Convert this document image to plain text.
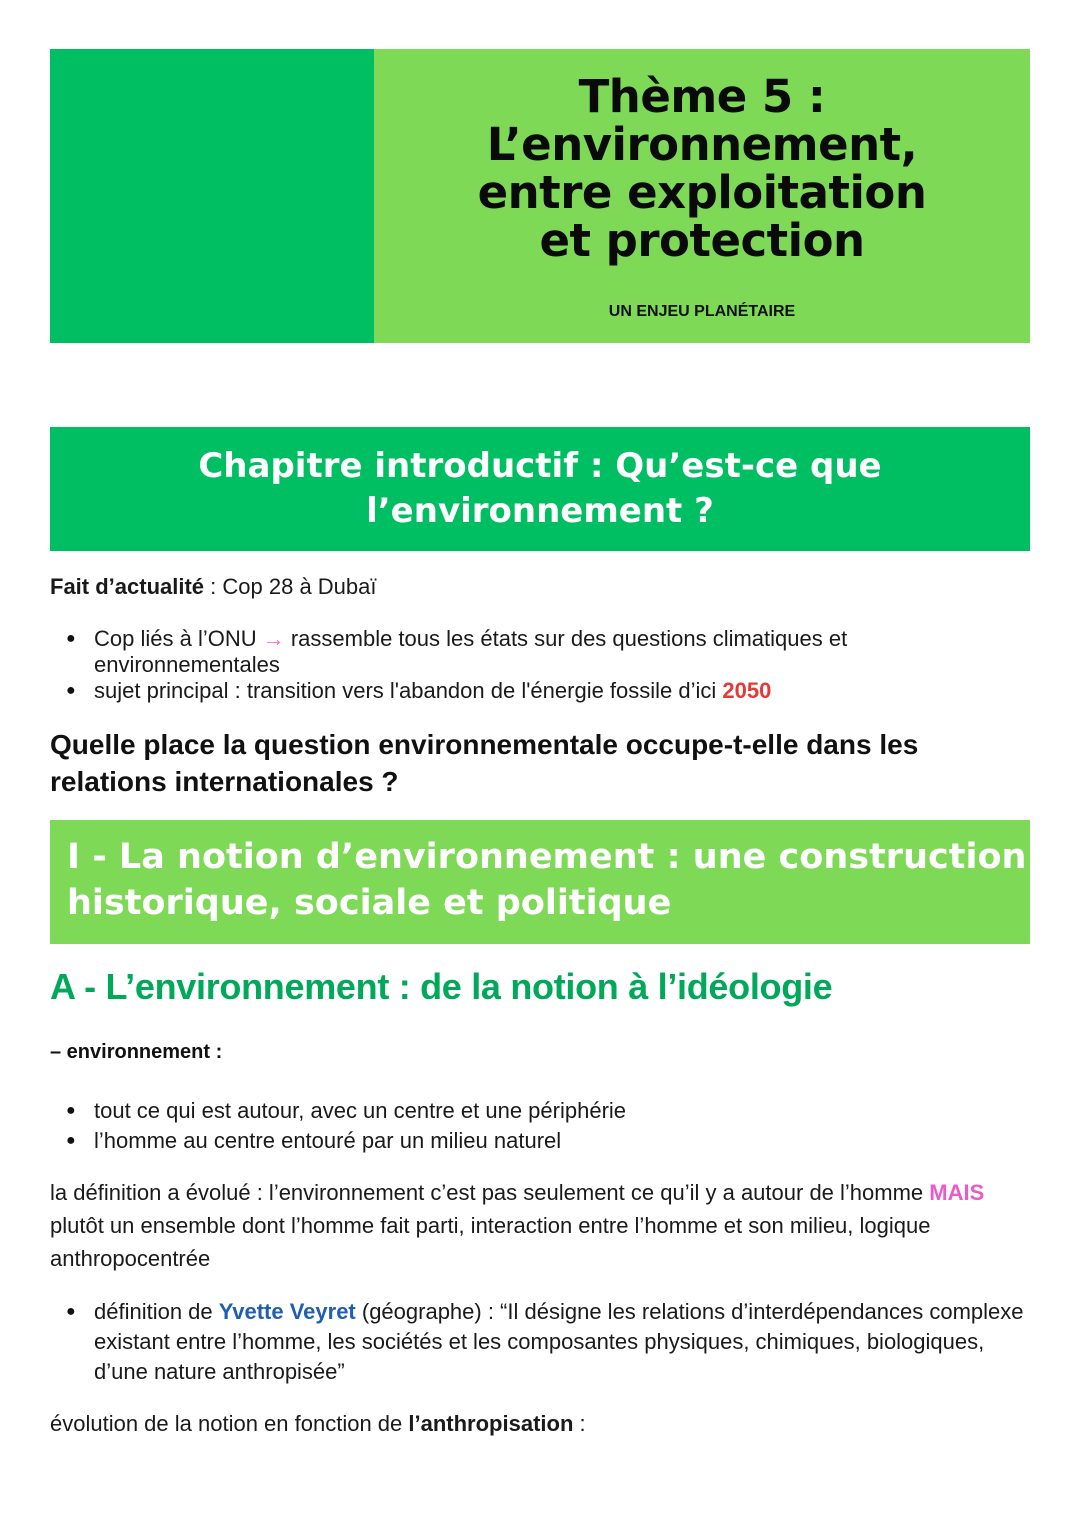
Thème 5 :
L’environnement,
entre exploitation
et protection
UN ENJEU PLANÉTAIRE
Chapitre introductif : Qu’est-ce que
l’environnement ?
Fait d’actualité : Cop 28 à Dubaï
● Cop liés à l’ONU → rassemble tous les états sur des questions climatiques et environnementales
● sujet principal : transition vers l'abandon de l'énergie fossile d’ici 2050
Quelle place la question environnementale occupe-t-elle dans les relations internationales ?
I - La notion d’environnement : une construction
historique, sociale et politique
A - L’environnement : de la notion à l’idéologie
– environnement :
● tout ce qui est autour, avec un centre et une périphérie
● l’homme au centre entouré par un milieu naturel

la définition a évolué : l’environnement c’est pas seulement ce qu’il y a autour de l’homme MAIS plutôt un ensemble dont l’homme fait parti, interaction entre l’homme et son milieu, logique anthropocentrée

● définition de Yvette Veyret (géographe) : “Il désigne les relations d’interdépendances complexe existant entre l’homme, les sociétés et les composantes physiques, chimiques, biologiques, d’une nature anthropisée”
évolution de la notion en fonction de l’anthropisation :
